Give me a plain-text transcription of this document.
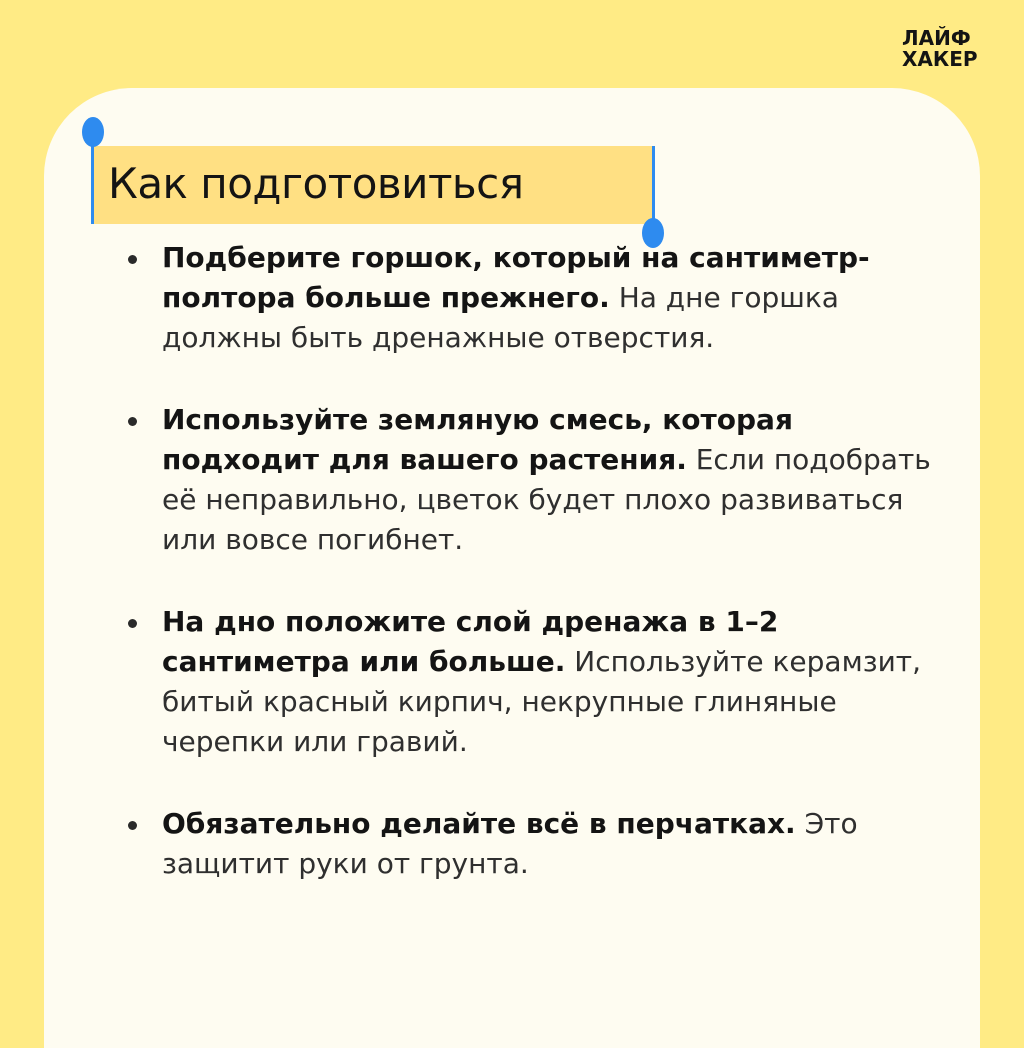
ЛАЙФ
ХАКЕР
Как подготовиться
Подберите горшок, который на сантиметр-полтора больше прежнего. На дне горшка должны быть дренажные отверстия.
Используйте земляную смесь, которая подходит для вашего растения. Если подобрать её неправильно, цветок будет плохо развиваться или вовсе погибнет.
На дно положите слой дренажа в 1–2 сантиметра или больше. Используйте керамзит, битый красный кирпич, некрупные глиняные черепки или гравий.
Обязательно делайте всё в перчатках. Это защитит руки от грунта.
